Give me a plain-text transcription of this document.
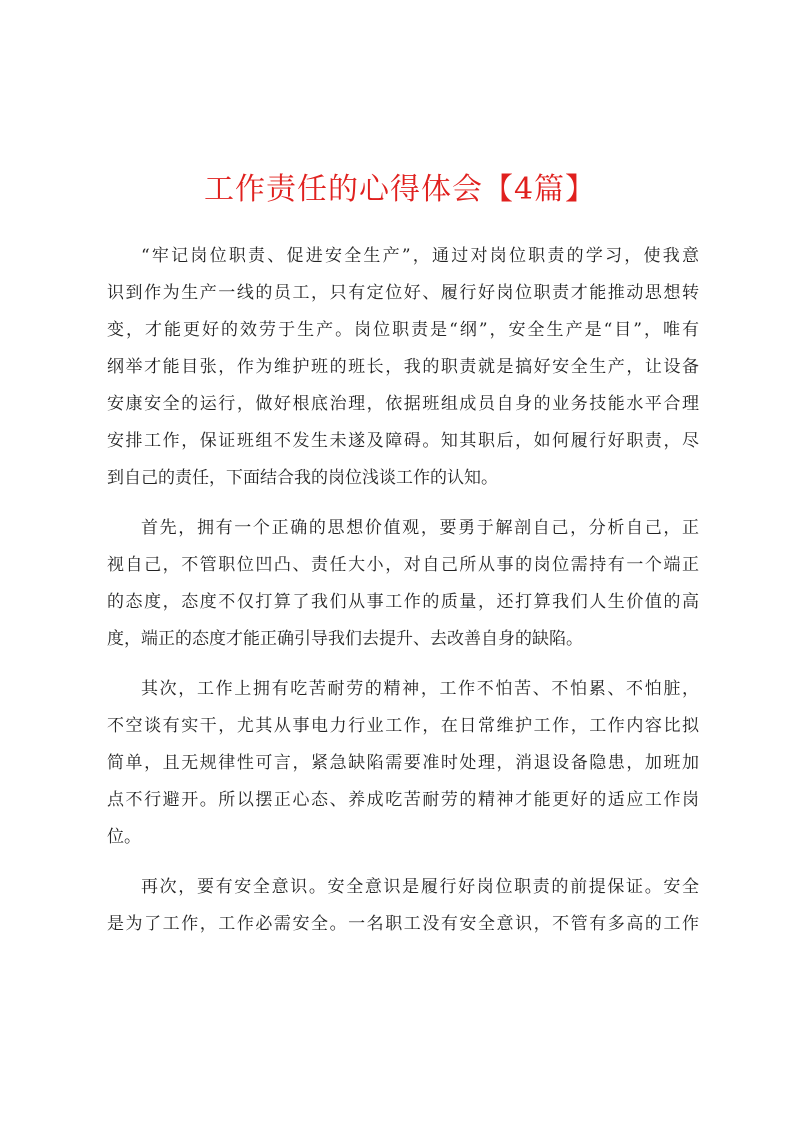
工作责任的心得体会【4篇】
“牢记岗位职责、促进安全生产”，通过对岗位职责的学习，使我意
识到作为生产一线的员工，只有定位好、履行好岗位职责才能推动思想转
变，才能更好的效劳于生产。岗位职责是“纲”，安全生产是“目”，唯有
纲举才能目张，作为维护班的班长，我的职责就是搞好安全生产，让设备
安康安全的运行，做好根底治理，依据班组成员自身的业务技能水平合理
安排工作，保证班组不发生未遂及障碍。知其职后，如何履行好职责，尽
到自己的责任，下面结合我的岗位浅谈工作的认知。
首先，拥有一个正确的思想价值观，要勇于解剖自己，分析自己，正
视自己，不管职位凹凸、责任大小，对自己所从事的岗位需持有一个端正
的态度，态度不仅打算了我们从事工作的质量，还打算我们人生价值的高
度，端正的态度才能正确引导我们去提升、去改善自身的缺陷。
其次，工作上拥有吃苦耐劳的精神，工作不怕苦、不怕累、不怕脏，
不空谈有实干，尤其从事电力行业工作，在日常维护工作，工作内容比拟
简单，且无规律性可言，紧急缺陷需要准时处理，消退设备隐患，加班加
点不行避开。所以摆正心态、养成吃苦耐劳的精神才能更好的适应工作岗
位。
再次，要有安全意识。安全意识是履行好岗位职责的前提保证。安全
是为了工作，工作必需安全。一名职工没有安全意识，不管有多高的工作
